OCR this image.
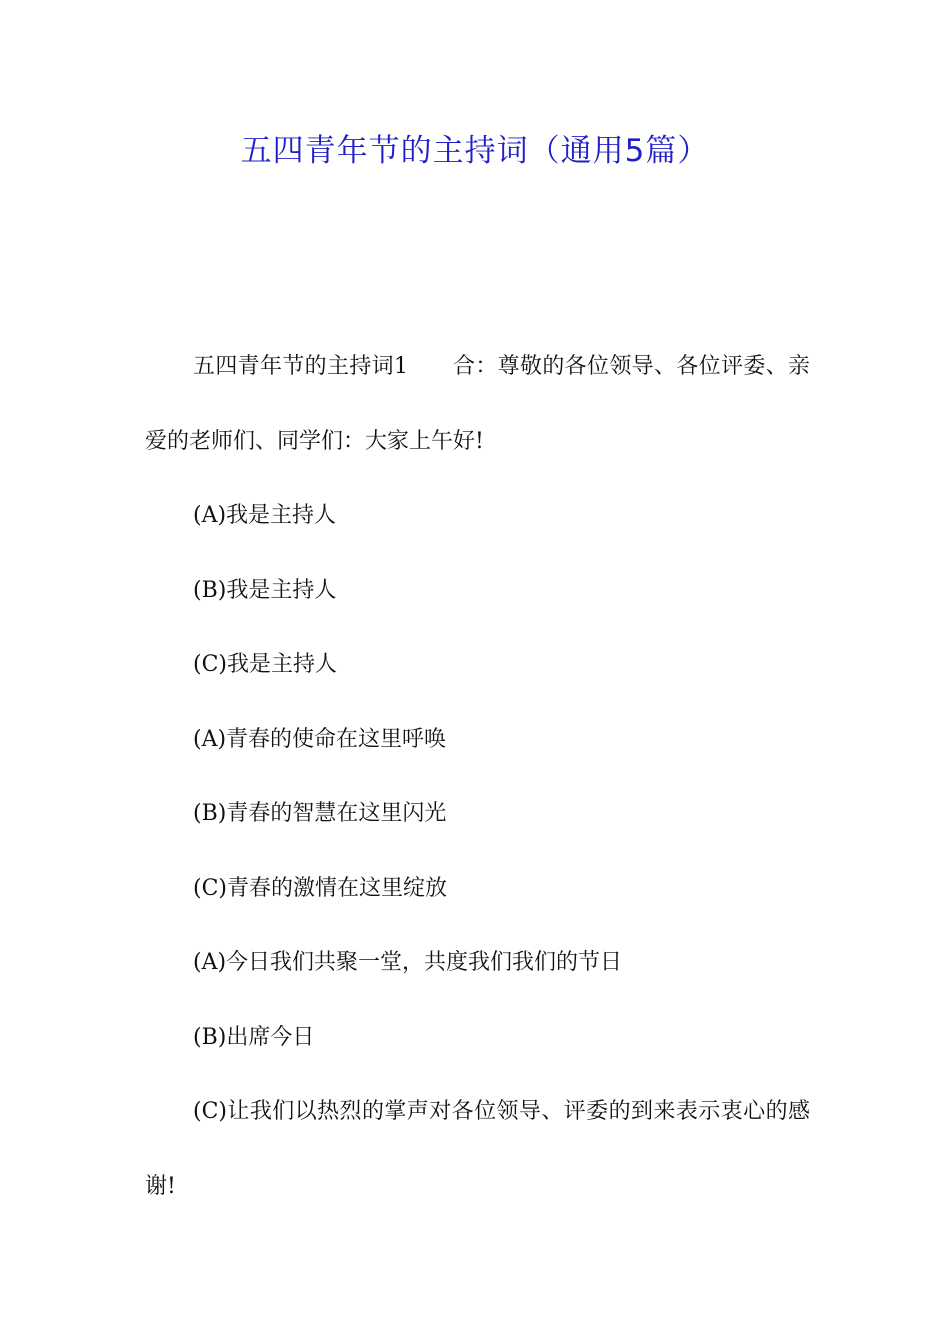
五四青年节的主持词（通用5篇）

五四青年节的主持词1　　合：尊敬的各位领导、各位评委、亲爱的老师们、同学们：大家上午好!

(A)我是主持人

(B)我是主持人

(C)我是主持人

(A)青春的使命在这里呼唤

(B)青春的智慧在这里闪光

(C)青春的激情在这里绽放

(A)今日我们共聚一堂，共度我们我们的节日

(B)出席今日

(C)让我们以热烈的掌声对各位领导、评委的到来表示衷心的感谢!
